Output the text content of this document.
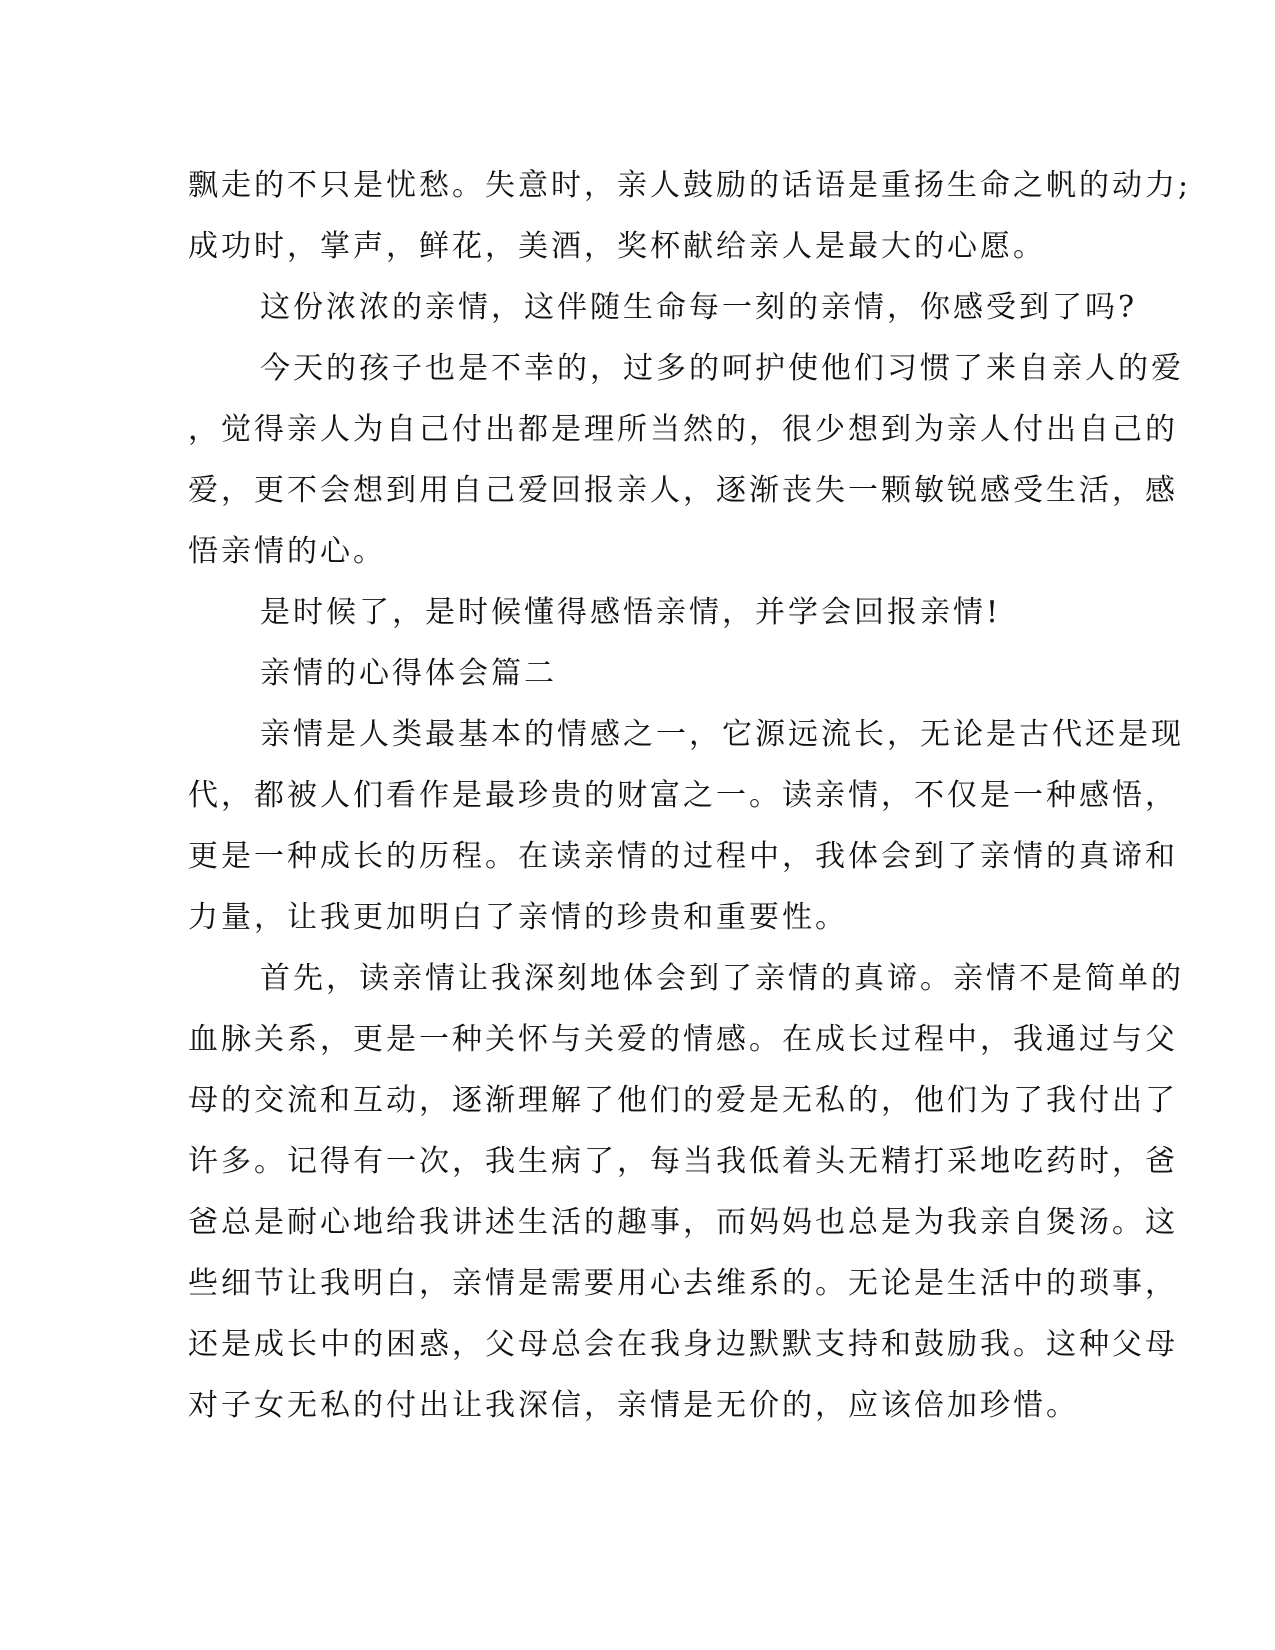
飘走的不只是忧愁。失意时，亲人鼓励的话语是重扬生命之帆的动力;
成功时，掌声，鲜花，美酒，奖杯献给亲人是最大的心愿。
这份浓浓的亲情，这伴随生命每一刻的亲情，你感受到了吗?
今天的孩子也是不幸的，过多的呵护使他们习惯了来自亲人的爱
，觉得亲人为自己付出都是理所当然的，很少想到为亲人付出自己的
爱，更不会想到用自己爱回报亲人，逐渐丧失一颗敏锐感受生活，感
悟亲情的心。
是时候了，是时候懂得感悟亲情，并学会回报亲情!
亲情的心得体会篇二
亲情是人类最基本的情感之一，它源远流长，无论是古代还是现
代，都被人们看作是最珍贵的财富之一。读亲情，不仅是一种感悟，
更是一种成长的历程。在读亲情的过程中，我体会到了亲情的真谛和
力量，让我更加明白了亲情的珍贵和重要性。
首先，读亲情让我深刻地体会到了亲情的真谛。亲情不是简单的
血脉关系，更是一种关怀与关爱的情感。在成长过程中，我通过与父
母的交流和互动，逐渐理解了他们的爱是无私的，他们为了我付出了
许多。记得有一次，我生病了，每当我低着头无精打采地吃药时，爸
爸总是耐心地给我讲述生活的趣事，而妈妈也总是为我亲自煲汤。这
些细节让我明白，亲情是需要用心去维系的。无论是生活中的琐事，
还是成长中的困惑，父母总会在我身边默默支持和鼓励我。这种父母
对子女无私的付出让我深信，亲情是无价的，应该倍加珍惜。
